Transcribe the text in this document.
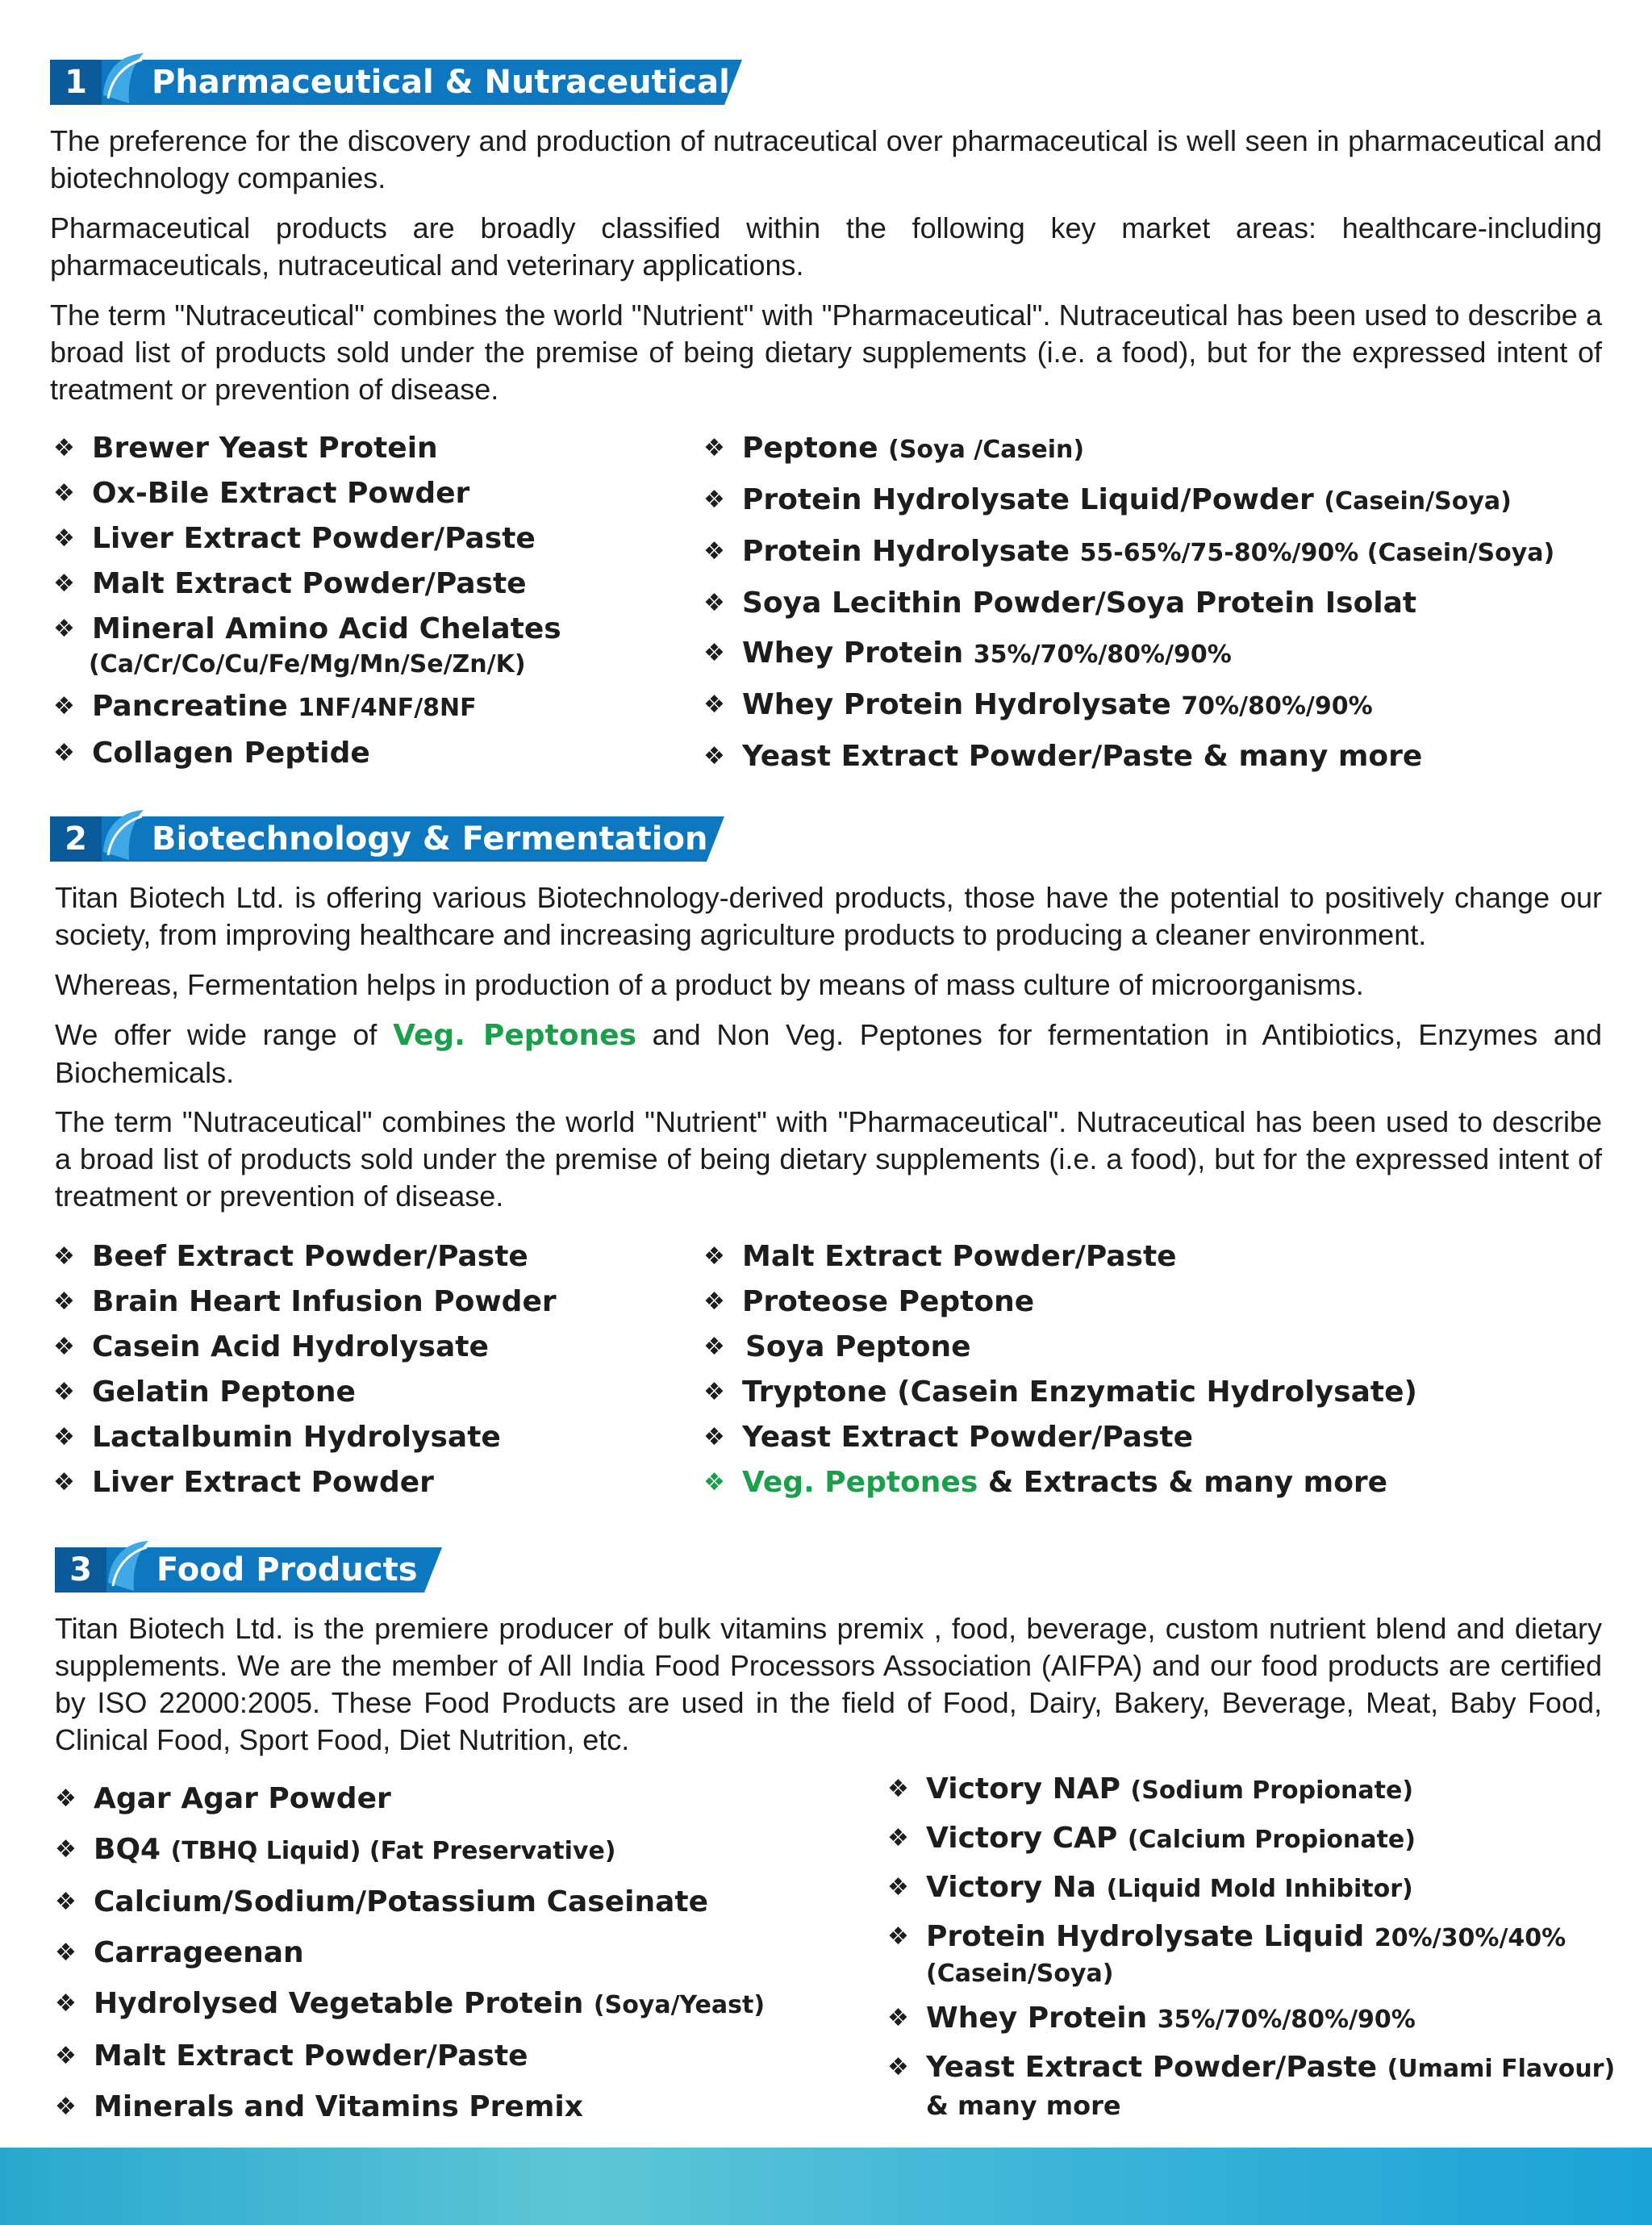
1	Pharmaceutical & Nutraceutical

The preference for the discovery and production of nutraceutical over pharmaceutical is well seen in pharmaceutical and biotechnology companies.

Pharmaceutical products are broadly classified within the following key market areas: healthcare-including pharmaceuticals, nutraceutical and veterinary applications.

The term "Nutraceutical" combines the world "Nutrient" with "Pharmaceutical". Nutraceutical has been used to describe a broad list of products sold under the premise of being dietary supplements (i.e. a food), but for the expressed intent of treatment or prevention of disease.

❖ Brewer Yeast Protein
❖ Ox-Bile Extract Powder
❖ Liver Extract Powder/Paste
❖ Malt Extract Powder/Paste
❖ Mineral Amino Acid Chelates
(Ca/Cr/Co/Cu/Fe/Mg/Mn/Se/Zn/K)
❖ Pancreatine 1NF/4NF/8NF
❖ Collagen Peptide
❖ Peptone (Soya /Casein)
❖ Protein Hydrolysate Liquid/Powder (Casein/Soya)
❖ Protein Hydrolysate 55-65%/75-80%/90% (Casein/Soya)
❖ Soya Lecithin Powder/Soya Protein Isolat
❖ Whey Protein 35%/70%/80%/90%
❖ Whey Protein Hydrolysate 70%/80%/90%
❖ Yeast Extract Powder/Paste & many more
2	Biotechnology & Fermentation

Titan Biotech Ltd. is offering various Biotechnology-derived products, those have the potential to positively change our society, from improving healthcare and increasing agriculture products to producing a cleaner environment.

Whereas, Fermentation helps in production of a product by means of mass culture of microorganisms.

We offer wide range of Veg. Peptones and Non Veg. Peptones for fermentation in Antibiotics, Enzymes and Biochemicals.

The term "Nutraceutical" combines the world "Nutrient" with "Pharmaceutical". Nutraceutical has been used to describe a broad list of products sold under the premise of being dietary supplements (i.e. a food), but for the expressed intent of treatment or prevention of disease.

❖ Beef Extract Powder/Paste
❖ Brain Heart Infusion Powder
❖ Casein Acid Hydrolysate
❖ Gelatin Peptone
❖ Lactalbumin Hydrolysate
❖ Liver Extract Powder
❖ Malt Extract Powder/Paste
❖ Proteose Peptone
❖ Soya Peptone
❖ Tryptone (Casein Enzymatic Hydrolysate)
❖ Yeast Extract Powder/Paste
❖ Veg. Peptones & Extracts & many more
3	Food Products

Titan Biotech Ltd. is the premiere producer of bulk vitamins premix , food, beverage, custom nutrient blend and dietary supplements. We are the member of All India Food Processors Association (AIFPA) and our food products are certified by ISO 22000:2005. These Food Products are used in the field of Food, Dairy, Bakery, Beverage, Meat, Baby Food, Clinical Food, Sport Food, Diet Nutrition, etc.

❖ Agar Agar Powder
❖ BQ4 (TBHQ Liquid) (Fat Preservative)
❖ Calcium/Sodium/Potassium Caseinate
❖ Carrageenan
❖ Hydrolysed Vegetable Protein (Soya/Yeast)
❖ Malt Extract Powder/Paste
❖ Minerals and Vitamins Premix
❖ Victory NAP (Sodium Propionate)
❖ Victory CAP (Calcium Propionate)
❖ Victory Na (Liquid Mold Inhibitor)
❖ Protein Hydrolysate Liquid 20%/30%/40%
(Casein/Soya)
❖ Whey Protein 35%/70%/80%/90%
❖ Yeast Extract Powder/Paste (Umami Flavour)
& many more
